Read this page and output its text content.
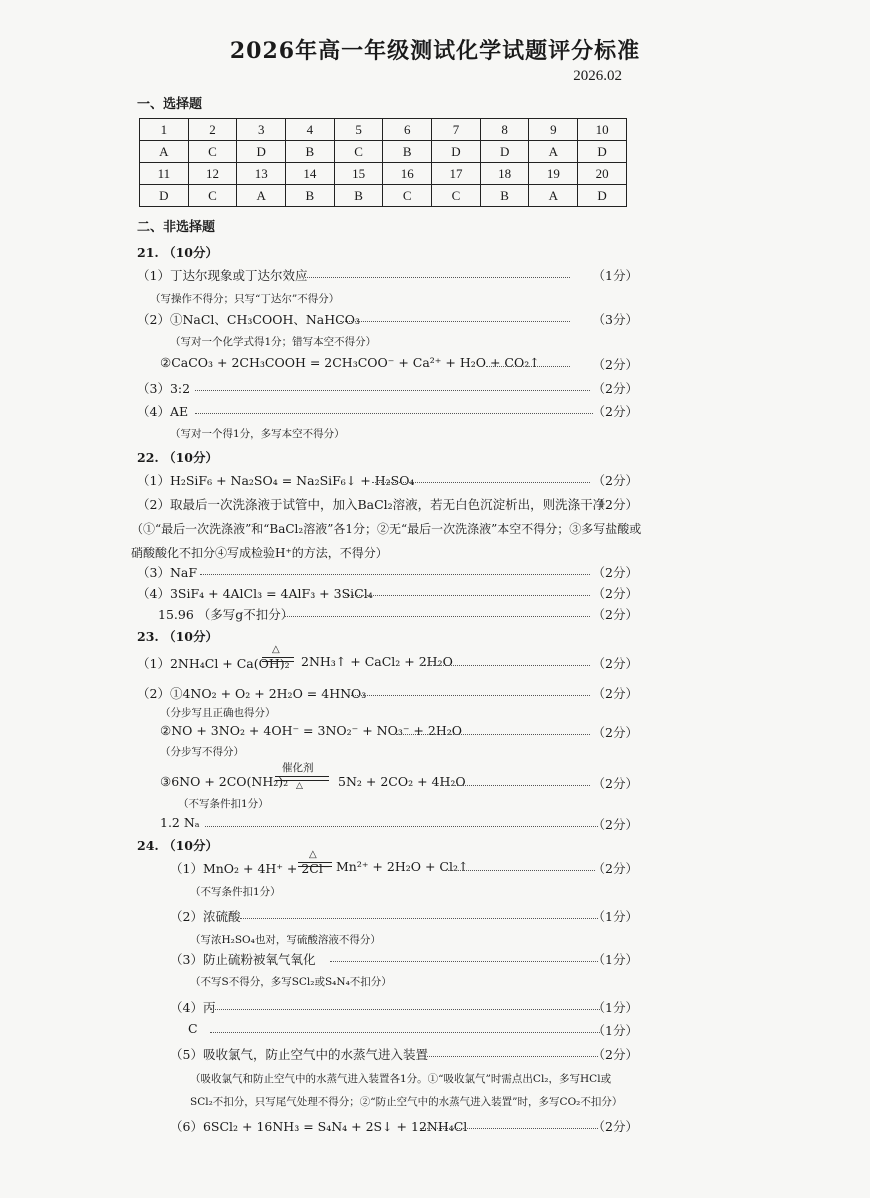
2026年高一年级测试化学试题评分标准
2026.02
一、选择题
1	2	3	4	5	6	7	8	9	10
A	C	D	B	C	B	D	D	A	D
11	12	13	14	15	16	17	18	19	20
D	C	A	B	B	C	C	B	A	D
二、非选择题
21. （10分）
（1）丁达尔现象或丁达尔效应	（1分）
（写操作不得分；只写“丁达尔”不得分）
（2）①NaCl、CH₃COOH、NaHCO₃	（3分）
（写对一个化学式得1分；错写本空不得分）
②CaCO₃ + 2CH₃COOH = 2CH₃COO⁻ + Ca²⁺ + H₂O + CO₂↑	（2分）
（3）3:2	（2分）
（4）AE	（2分）
（写对一个得1分，多写本空不得分）
22. （10分）
（1）H₂SiF₆ + Na₂SO₄ = Na₂SiF₆↓ + H₂SO₄	（2分）
（2）取最后一次洗涤液于试管中，加入BaCl₂溶液，若无白色沉淀析出，则洗涤干净
（2分）
（①“最后一次洗涤液”和“BaCl₂溶液”各1分；②无“最后一次洗涤液”本空不得分；③多写盐酸或
硝酸酸化不扣分④写成检验H⁺的方法，不得分）
（3）NaF	（2分）
（4）3SiF₄ + 4AlCl₃ = 4AlF₃ + 3SiCl₄	（2分）
15.96 （多写g不扣分）	（2分）
23. （10分）
（1）2NH₄Cl + Ca(OH)₂
△
2NH₃↑ + CaCl₂ + 2H₂O	（2分）
（2）①4NO₂ + O₂ + 2H₂O = 4HNO₃	（2分）
（分步写且正确也得分）
②NO + 3NO₂ + 4OH⁻ = 3NO₂⁻ + NO₃⁻ + 2H₂O	（2分）
（分步写不得分）
③6NO + 2CO(NH₂)₂
催化剂
△	5N₂ + 2CO₂ + 4H₂O	（2分）
（不写条件扣1分）
1.2 Nₐ	（2分）
24. （10分）
（1）MnO₂ + 4H⁺ + 2Cl⁻
△
Mn²⁺ + 2H₂O + Cl₂↑	（2分）
（不写条件扣1分）
（2）浓硫酸	（1分）
（写浓H₂SO₄也对，写硫酸溶液不得分）
（3）防止硫粉被氧气氧化	（1分）
（不写S不得分，多写SCl₂或S₄N₄不扣分）
（4）丙	（1分）
C	（1分）
（5）吸收氯气，防止空气中的水蒸气进入装置	（2分）
（吸收氯气和防止空气中的水蒸气进入装置各1分。①“吸收氯气”时需点出Cl₂，多写HCl或
SCl₂不扣分，只写尾气处理不得分；②“防止空气中的水蒸气进入装置”时，多写CO₂不扣分）
（6）6SCl₂ + 16NH₃ = S₄N₄ + 2S↓ + 12NH₄Cl	（2分）
